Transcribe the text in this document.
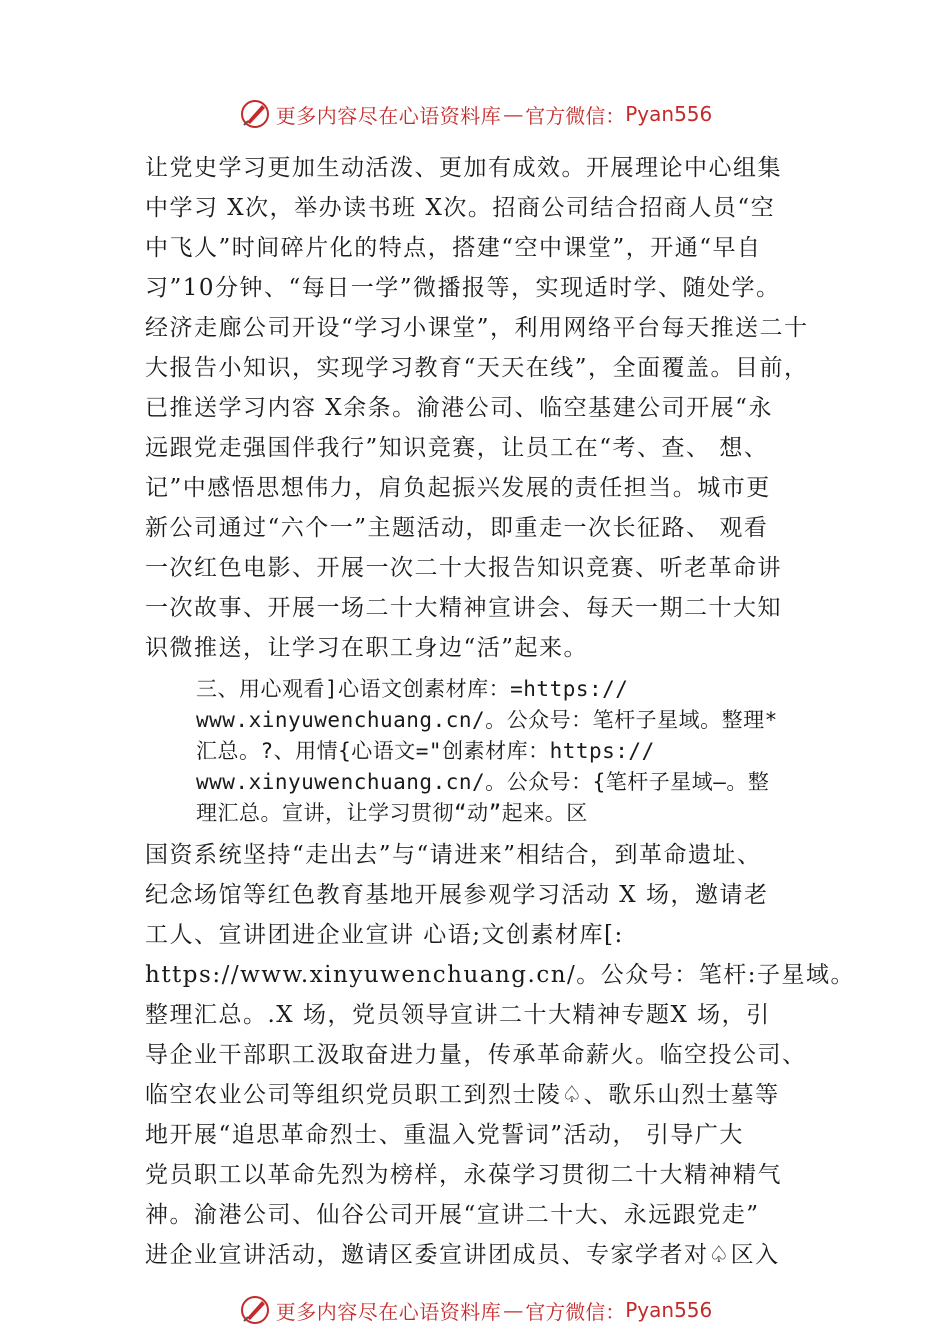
更多内容尽在心语资料库 — 官方微信： Pyan556
让党史学习更加生动活泼、更加有成效。开展理论中心组集
中学习 X次，举办读书班 X次。招商公司结合招商人员“空
中飞人”时间碎片化的特点，搭建“空中课堂”，开通“早自
习”10分钟、“每日一学”微播报等，实现适时学、随处学。
经济走廊公司开设“学习小课堂”，利用网络平台每天推送二十
大报告小知识，实现学习教育“天天在线”，全面覆盖。目前，
已推送学习内容 X余条。渝港公司、临空基建公司开展“永
远跟党走强国伴我行”知识竞赛，让员工在“考、查、 想、
记”中感悟思想伟力，肩负起振兴发展的责任担当。城市更
新公司通过“六个一”主题活动，即重走一次长征路、 观看
一次红色电影、开展一次二十大报告知识竞赛、听老革命讲
一次故事、开展一场二十大精神宣讲会、每天一期二十大知
识微推送，让学习在职工身边“活”起来。
三、用心观看]心语文创素材库：=https://
www.xinyuwenchuang.cn/。公众号：笔杆子星域。整理*
汇总。?、用情{心语文="创素材库：https://
www.xinyuwenchuang.cn/。公众号：{笔杆子星域—。整
理汇总。宣讲，让学习贯彻“动”起来。区
国资系统坚持“走出去”与“请进来”相结合，到革命遗址、
纪念场馆等红色教育基地开展参观学习活动 X 场，邀请老
工人、宣讲团进企业宣讲 心语;文创素材库[:
https://www.xinyuwenchuang.cn/。公众号：笔杆:子星域。
整理汇总。.X 场，党员领导宣讲二十大精神专题X 场，引
导企业干部职工汲取奋进力量，传承革命薪火。临空投公司、
临空农业公司等组织党员职工到烈士陵♤、歌乐山烈士墓等
地开展“追思革命烈士、重温入党誓词”活动， 引导广大
党员职工以革命先烈为榜样，永葆学习贯彻二十大精神精气
神。渝港公司、仙谷公司开展“宣讲二十大、永远跟党走”
进企业宣讲活动，邀请区委宣讲团成员、专家学者对♤区入
更多内容尽在心语资料库 — 官方微信： Pyan556
